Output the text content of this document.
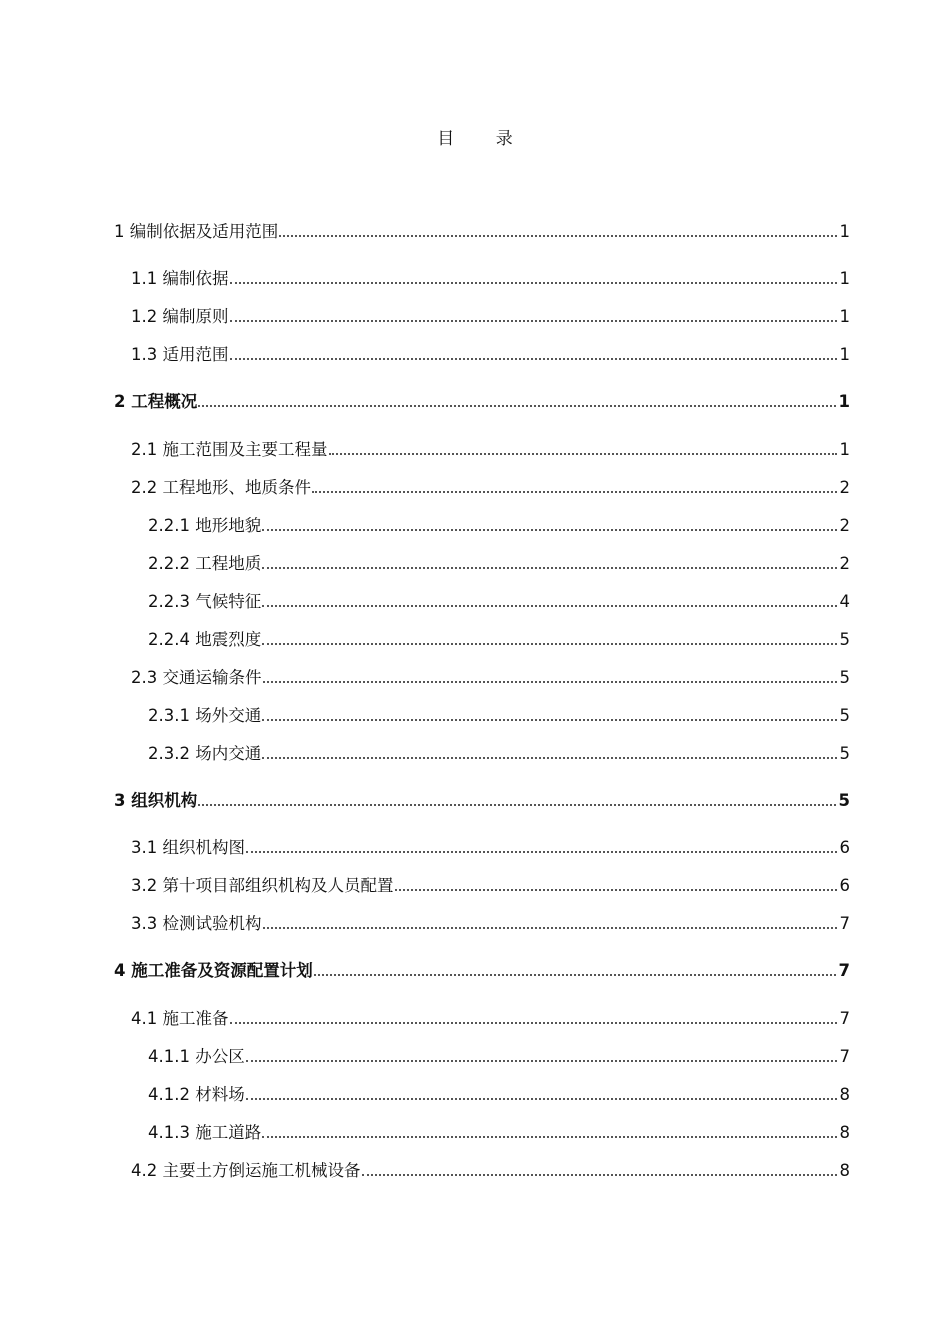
目 录
1 编制依据及适用范围	1
1.1 编制依据	1
1.2 编制原则	1
1.3 适用范围	1
2 工程概况	1
2.1 施工范围及主要工程量	1
2.2 工程地形、地质条件	2
2.2.1 地形地貌	2
2.2.2 工程地质	2
2.2.3 气候特征	4
2.2.4 地震烈度	5
2.3 交通运输条件	5
2.3.1 场外交通	5
2.3.2 场内交通	5
3 组织机构	5
3.1 组织机构图	6
3.2 第十项目部组织机构及人员配置	6
3.3 检测试验机构	7
4 施工准备及资源配置计划	7
4.1 施工准备	7
4.1.1 办公区	7
4.1.2 材料场	8
4.1.3 施工道路	8
4.2 主要土方倒运施工机械设备	8
